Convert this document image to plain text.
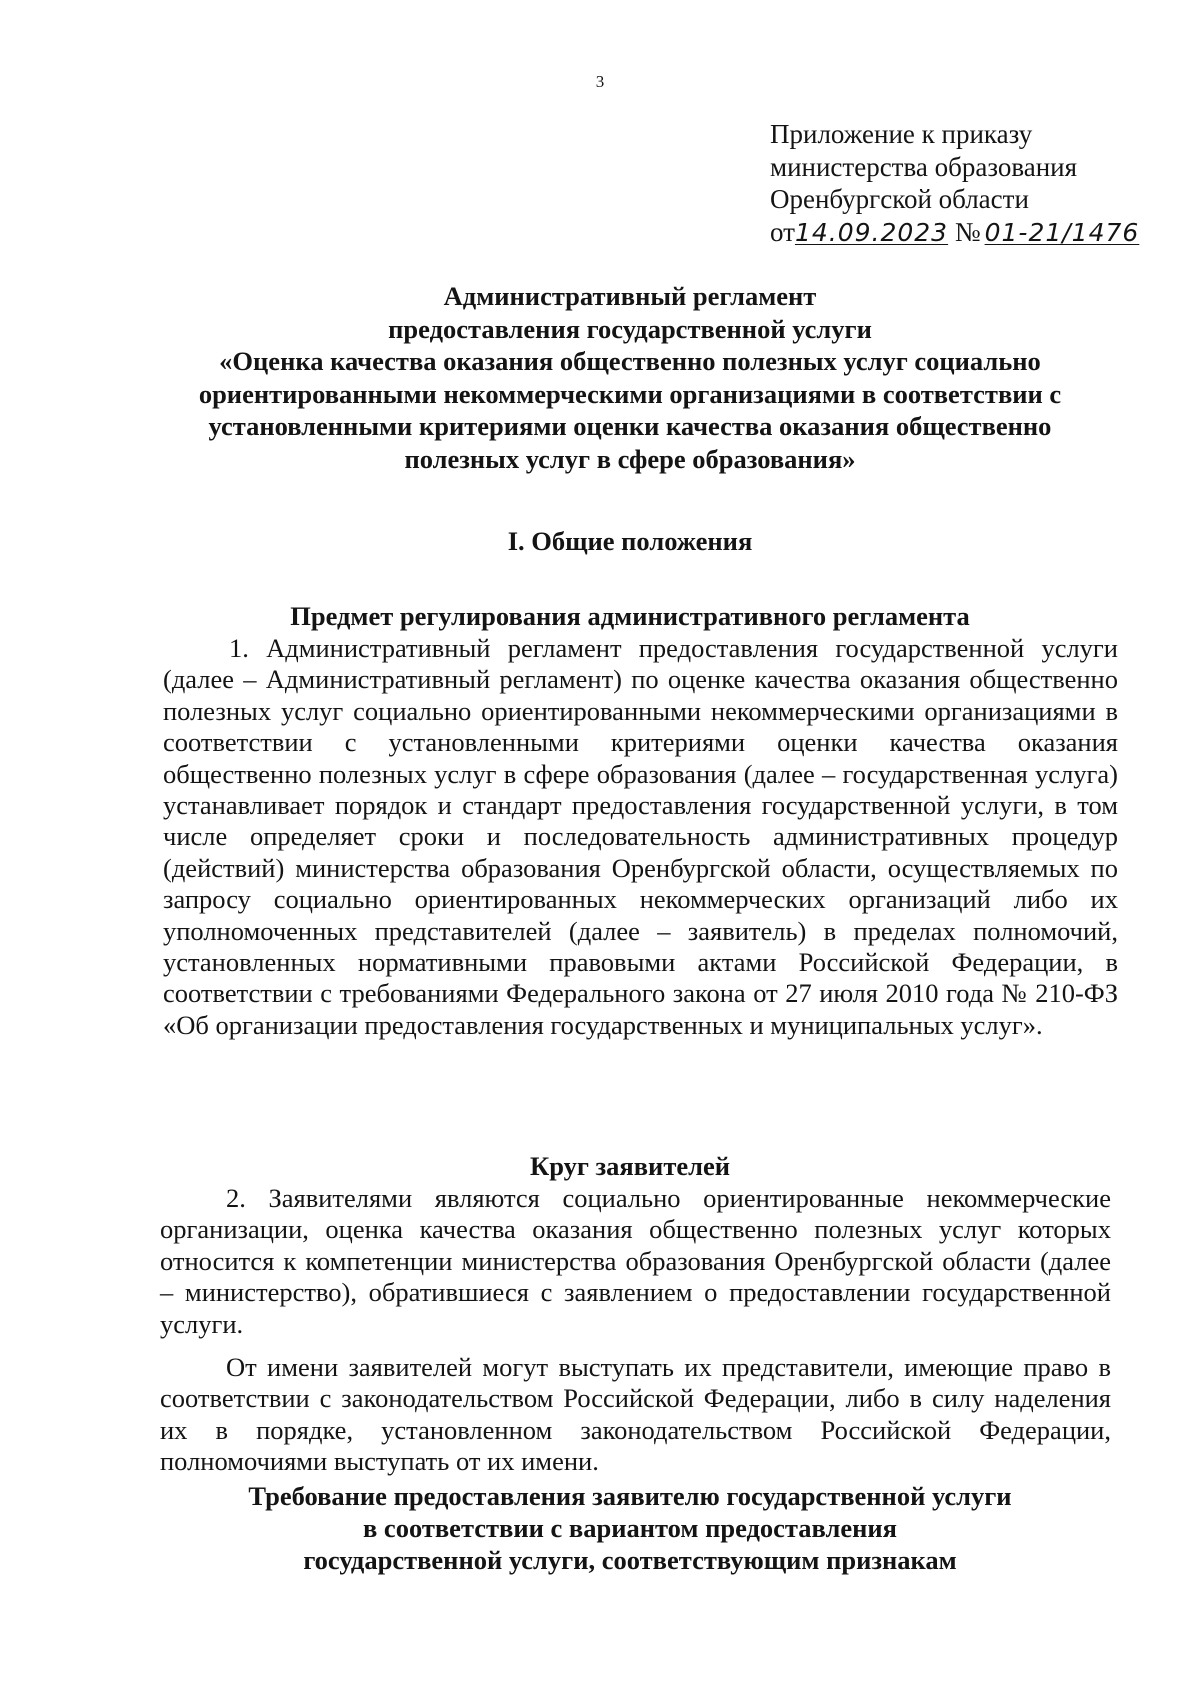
3
Приложение к приказу
министерства образования
Оренбургской области
от14.09.2023 № 01-21/1476
Административный регламент
предоставления государственной услуги
«Оценка качества оказания общественно полезных услуг социально
ориентированными некоммерческими организациями в соответствии с
установленными критериями оценки качества оказания общественно
полезных услуг в сфере образования»
I. Общие положения
Предмет регулирования административного регламента

1. Административный регламент предоставления государственной услуги (далее – Административный регламент) по оценке качества оказания общественно полезных услуг социально ориентированными некоммерческими организациями в соответствии с установленными критериями оценки качества оказания общественно полезных услуг в сфере образования (далее – государственная услуга) устанавливает порядок и стандарт предоставления государственной услуги, в том числе определяет сроки и последовательность административных процедур (действий) министерства образования Оренбургской области, осуществляемых по запросу социально ориентированных некоммерческих организаций либо их уполномоченных представителей (далее – заявитель) в пределах полномочий, установленных нормативными правовыми актами Российской Федерации, в соответствии с требованиями Федерального закона от 27 июля 2010 года № 210-ФЗ «Об организации предоставления государственных и муниципальных услуг».

Круг заявителей

2. Заявителями являются социально ориентированные некоммерческие организации, оценка качества оказания общественно полезных услуг которых относится к компетенции министерства образования Оренбургской области (далее – министерство), обратившиеся с заявлением о предоставлении государственной услуги.

От имени заявителей могут выступать их представители, имеющие право в соответствии с законодательством Российской Федерации, либо в силу наделения их в порядке, установленном законодательством Российской Федерации, полномочиями выступать от их имени.

Требование предоставления заявителю государственной услуги
в соответствии с вариантом предоставления
государственной услуги, соответствующим признакам
